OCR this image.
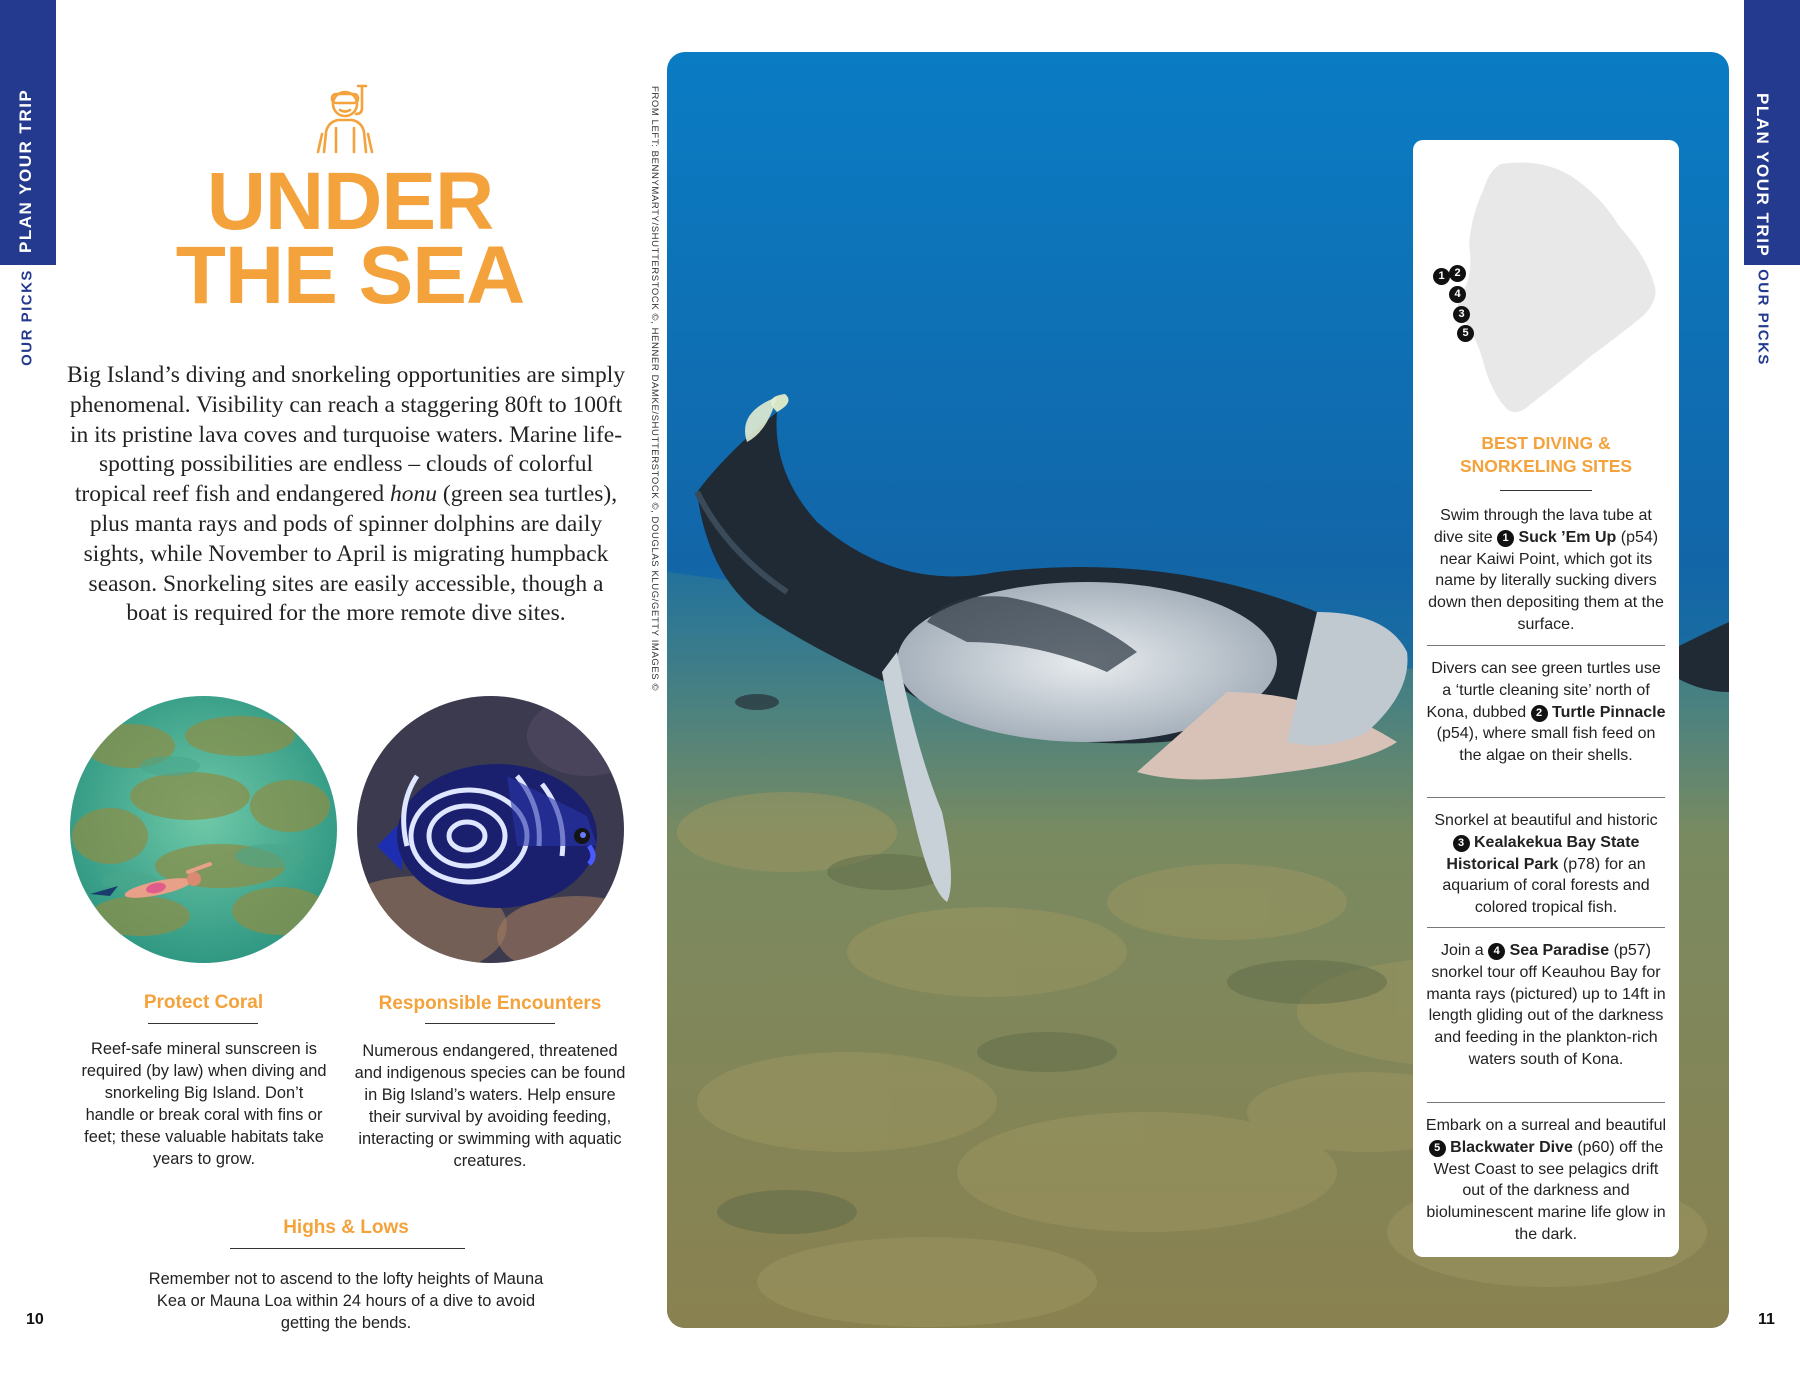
PLAN YOUR TRIP
OUR PICKS
PLAN YOUR TRIP
OUR PICKS
10	11
UNDER
THE SEA
Big Island’s diving and snorkeling opportunities are simply phenomenal. Visibility can reach a staggering 80ft to 100ft in its pristine lava coves and turquoise waters. Marine life-spotting possibilities are endless – clouds of colorful tropical reef fish and endangered honu (green sea turtles), plus manta rays and pods of spinner dolphins are daily sights, while November to April is migrating humpback season. Snorkeling sites are easily accessible, though a boat is required for the more remote dive sites.
Protect Coral
Reef-safe mineral sunscreen is required (by law) when diving and snorkeling Big Island. Don’t handle or break coral with fins or feet; these valuable habitats take years to grow.
Responsible Encounters
Numerous endangered, threatened and indigenous species can be found in Big Island’s waters. Help ensure their survival by avoiding feeding, interacting or swimming with aquatic creatures.
Highs & Lows
Remember not to ascend to the lofty heights of Mauna Kea or Mauna Loa within 24 hours of a dive to avoid getting the bends.
FROM LEFT: BENNYMARTY/SHUTTERSTOCK ©, HENNER DAMKE/SHUTTERSTOCK ©, DOUGLAS KLUG/GETTY IMAGES ©	1 2
4
3
5
BEST DIVING &
SNORKELING SITES
Swim through the lava tube at dive site 1 Suck ’Em Up (p54) near Kaiwi Point, which got its name by literally sucking divers down then depositing them at the surface.
Divers can see green turtles use a ‘turtle cleaning site’ north of Kona, dubbed 2 Turtle Pinnacle (p54), where small fish feed on the algae on their shells.
Snorkel at beautiful and historic 3 Kealakekua Bay State Historical Park (p78) for an aquarium of coral forests and colored tropical fish.
Join a 4 Sea Paradise (p57) snorkel tour off Keauhou Bay for manta rays (pictured) up to 14ft in length gliding out of the darkness and feeding in the plankton-rich waters south of Kona.
Embark on a surreal and beautiful 5 Blackwater Dive (p60) off the West Coast to see pelagics drift out of the darkness and bioluminescent marine life glow in the dark.
